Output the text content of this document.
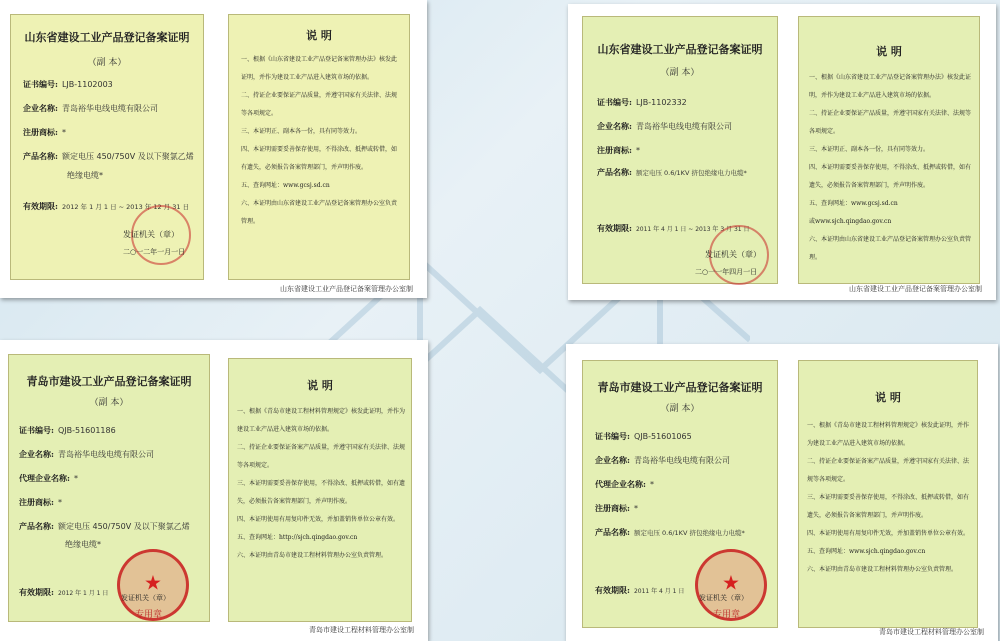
山东省建设工业产品登记备案证明
（副 本）
证书编号: LJB-1102003
企业名称: 青岛裕华电线电缆有限公司
注册商标: *
产品名称: 额定电压 450/750V 及以下聚氯乙烯
绝缘电缆*
有效期限: 2012 年 1 月 1 日 ~ 2013 年 12 月 31 日
发证机关（章）
二○一二年一月一日
说 明

一、根据《山东省建设工业产品登记备案管理办法》核发此证明，并作为建设工业产品进入建筑市场的依据。

二、持证企业要保证产品质量，并遵守国家有关法律、法规等各项规定。

三、本证明正、副本各一份，具有同等效力。

四、本证明需要妥善保存使用，不得涂改、抵押或转借，如有遗失，必须报告备案管理部门，并声明作废。

五、查询网址：www.gcsj.sd.cn

六、本证明由山东省建设工业产品登记备案管理办公室负责管理。

山东省建设工业产品登记备案管理办公室制
山东省建设工业产品登记备案证明
（副 本）
证书编号: LJB-1102332
企业名称: 青岛裕华电线电缆有限公司
注册商标: *
产品名称: 额定电压 0.6/1KV 挤包绝缘电力电缆*
有效期限: 2011 年 4 月 1 日 ~ 2013 年 3 月 31 日
发证机关（章）
二○一一年四月一日
说 明

一、根据《山东省建设工业产品登记备案管理办法》核发此证明，并作为建设工业产品进入建筑市场的依据。

二、持证企业要保证产品质量，并遵守国家有关法律、法规等各项规定。

三、本证明正、副本各一份，具有同等效力。

四、本证明需要妥善保存使用，不得涂改、抵押或转借，如有遗失，必须报告备案管理部门，并声明作废。

五、查询网址：www.gcsj.sd.cn

或www.sjch.qingdao.gov.cn

六、本证明由山东省建设工业产品登记备案管理办公室负责管理。

山东省建设工业产品登记备案管理办公室制
青岛市建设工业产品登记备案证明
（副 本）
证书编号: QJB-51601186
企业名称: 青岛裕华电线电缆有限公司
代理企业名称: *
注册商标: *
产品名称: 额定电压 450/750V 及以下聚氯乙烯
绝缘电缆*
有效期限: 2012 年 1 月 1 日 ★
发证机关（章）
专用章
说 明

一、根据《青岛市建设工程材料管理规定》核发此证明，并作为建设工业产品进入建筑市场的依据。

二、持证企业要保证备案产品质量，并遵守国家有关法律、法规等各项规定。

三、本证明需要妥善保存使用，不得涂改、抵押或转借，如有遗失，必须报告备案管理部门，并声明作废。

四、本证明使用有用复印件无效，并加盖销售单位公章有效。

五、查询网址：http://sjch.qingdao.gov.cn

六、本证明由青岛市建设工程材料管理办公室负责管理。

青岛市建设工程材料管理办公室制
青岛市建设工业产品登记备案证明
（副 本）
证书编号: QJB-51601065
企业名称: 青岛裕华电线电缆有限公司
代理企业名称: *
注册商标: *
产品名称: 额定电压 0.6/1KV 挤包绝缘电力电缆*
有效期限: 2011 年 4 月 1 日 ★
发证机关（章）
专用章
说 明

一、根据《青岛市建设工程材料管理规定》核发此证明，并作为建设工业产品进入建筑市场的依据。

二、持证企业要保证备案产品质量，并遵守国家有关法律、法规等各项规定。

三、本证明需要妥善保存使用，不得涂改、抵押或转借，如有遗失，必须报告备案管理部门，并声明作废。

四、本证明使用有用复印件无效，并加盖销售单位公章有效。

五、查询网址：www.sjch.qingdao.gov.cn

六、本证明由青岛市建设工程材料管理办公室负责管理。

青岛市建设工程材料管理办公室制
